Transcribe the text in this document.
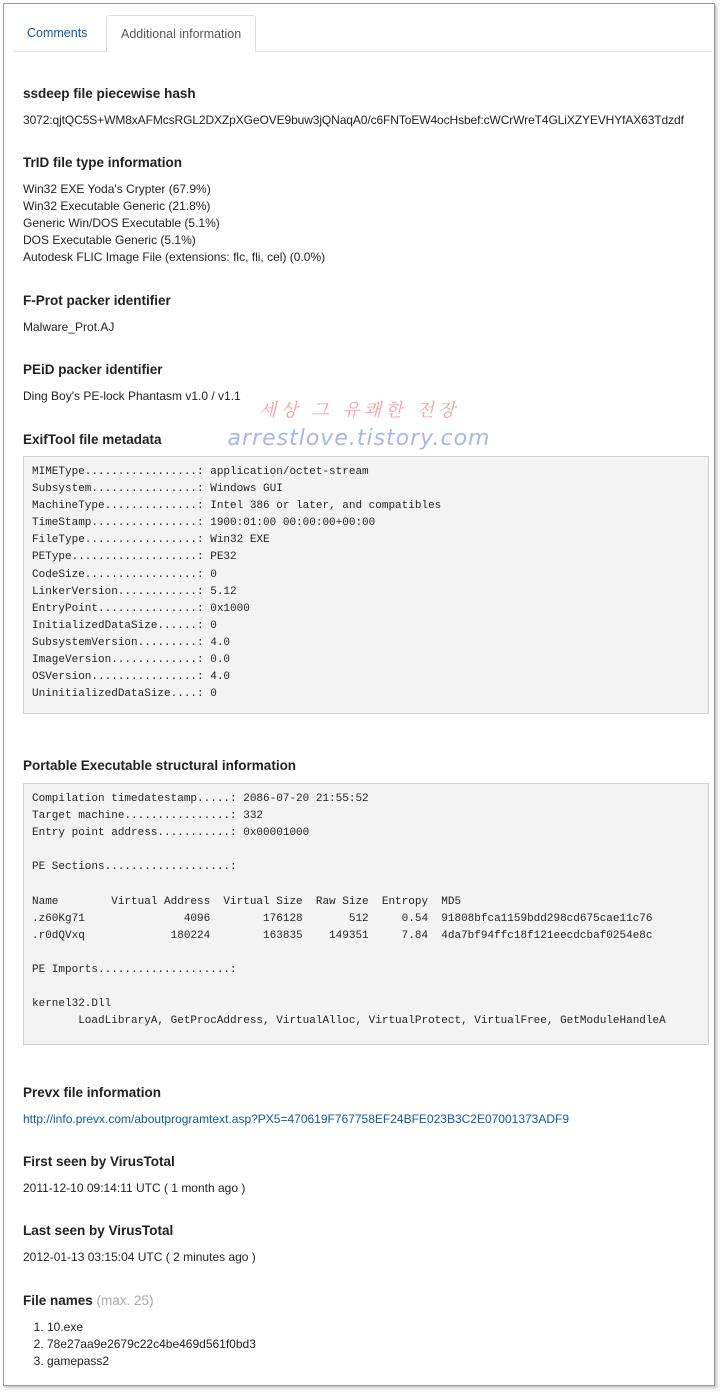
Comments	Additional information
ssdeep file piecewise hash
3072:qjtQC5S+WM8xAFMcsRGL2DXZpXGeOVE9buw3jQNaqA0/c6FNToEW4ocHsbef:cWCrWreT4GLiXZYEVHYfAX63Tdzdf
TrID file type information
Win32 EXE Yoda's Crypter (67.9%)
Win32 Executable Generic (21.8%)
Generic Win/DOS Executable (5.1%)
DOS Executable Generic (5.1%)
Autodesk FLIC Image File (extensions: flc, fli, cel) (0.0%)
F-Prot packer identifier
Malware_Prot.AJ
PEiD packer identifier
Ding Boy's PE-lock Phantasm v1.0 / v1.1
ExifTool file metadata
MIMEType.................: application/octet-stream
Subsystem................: Windows GUI
MachineType..............: Intel 386 or later, and compatibles
TimeStamp................: 1900:01:00 00:00:00+00:00
FileType.................: Win32 EXE
PEType...................: PE32
CodeSize.................: 0
LinkerVersion............: 5.12
EntryPoint...............: 0x1000
InitializedDataSize......: 0
SubsystemVersion.........: 4.0
ImageVersion.............: 0.0
OSVersion................: 4.0
UninitializedDataSize....: 0
Portable Executable structural information
Compilation timedatestamp.....: 2086-07-20 21:55:52
Target machine................: 332
Entry point address...........: 0x00001000

PE Sections...................:

Name        Virtual Address  Virtual Size  Raw Size  Entropy  MD5
.z60Kg71               4096        176128       512     0.54  91808bfca1159bdd298cd675cae11c76
.r0dQVxq             180224        163835    149351     7.84  4da7bf94ffc18f121eecdcbaf0254e8c

PE Imports....................:

kernel32.Dll
LoadLibraryA, GetProcAddress, VirtualAlloc, VirtualProtect, VirtualFree, GetModuleHandleA
Prevx file information
http://info.prevx.com/aboutprogramtext.asp?PX5=470619F767758EF24BFE023B3C2E07001373ADF9
First seen by VirusTotal
2011-12-10 09:14:11 UTC ( 1 month ago )
Last seen by VirusTotal
2012-01-13 03:15:04 UTC ( 2 minutes ago )
File names (max. 25)
1. 10.exe
2. 78e27aa9e2679c22c4be469d561f0bd3
3. gamepass2
세상 그 유쾌한 전장
arrestlove.tistory.com
